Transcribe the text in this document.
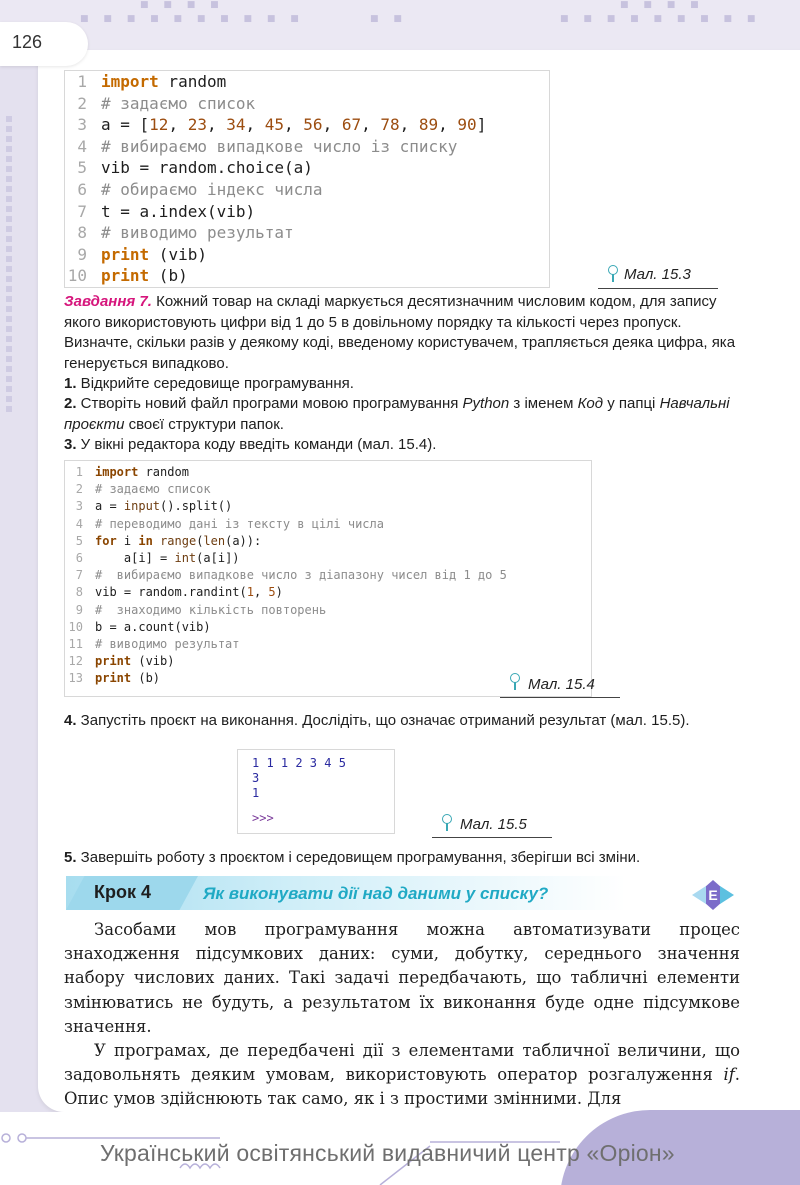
■ ■ ■ ■ ■ ■ ■ ■ ■ ■
■ ■ ■ ■
■ ■	■ ■ ■ ■ ■ ■ ■ ■ ■
■ ■ ■ ■
126
1 import random
2 # задаємо список
3 a = [ 12 , 23 , 34 , 45 , 56 , 67 , 78 , 89 , 90 ]
4 # вибираємо випадкове число із списку
5 vib = random.choice(a)
6 # обираємо індекс числа
7 t = a.index(vib)
8 # виводимо результат
9 print (vib)
10 print (b)	Мал. 15.3
Завдання 7. Кожний товар на складі маркується десятизначним числовим кодом, для запису якого використовують цифри від 1 до 5 в довільному порядку та кількості через пропуск. Визначте, скільки разів у деякому коді, введеному користувачем, трапляється деяка цифра, яка генерується випадково.
1. Відкрийте середовище програмування.
2. Створіть новий файл програми мовою програмування Python з іменем Код у папці Навчальні проєкти своєї структури папок.
3. У вікні редактора коду введіть команди (мал. 15.4).
1 import random
2 # задаємо список
3 a = input ().split()
4 # переводимо дані із тексту в цілі числа
5 for i in
range ( len (a)):
6 a[i] = int (a[i])
7 #  вибираємо випадкове число з діапазону чисел від 1 до 5
8 vib = random.randint( 1 , 5 )
9 #  знаходимо кількість повторень
10 b = a.count(vib)
11 # виводимо результат
12 print (vib)
13 print (b)	Мал. 15.4
4. Запустіть проєкт на виконання. Дослідіть, що означає отриманий результат (мал. 15.5).
1 1 1 2 3 4 5
3
1
>>>	Мал. 15.5
5. Завершіть роботу з проєктом і середовищем програмування, зберігши всі зміни.
Крок 4	Як виконувати дії над даними у списку?	E

Засобами мов програмування можна автоматизувати процес знаходження підсумкових даних: суми, добутку, середнього значення набору числових даних. Такі задачі передбачають, що табличні елементи змінюватись не будуть, а результатом їх виконання буде одне підсумкове значення.

У програмах, де передбачені дії з елементами табличної величини, що задовольнять деяким умовам, використовують оператор розгалуження if. Опис умов здійснюють так само, як і з простими змінними. Для

Український освітянський видавничий центр «Оріон»
